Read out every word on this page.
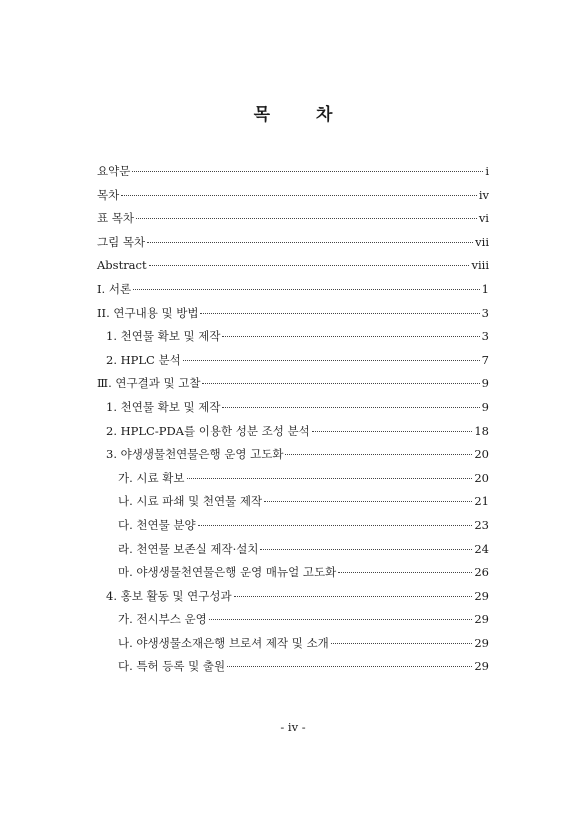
목 차
요약문	i
목차	iv
표 목차	vi
그림 목차	vii
Abstract	viii
I. 서론	1
II. 연구내용 및 방법	3
1. 천연물 확보 및 제작	3
2. HPLC 분석	7
Ⅲ. 연구결과 및 고찰	9
1. 천연물 확보 및 제작	9
2. HPLC-PDA를 이용한 성분 조성 분석	18
3. 야생생물천연물은행 운영 고도화	20
가. 시료 확보	20
나. 시료 파쇄 및 천연물 제작	21
다. 천연물 분양	23
라. 천연물 보존실 제작·설치	24
마. 야생생물천연물은행 운영 매뉴얼 고도화	26
4. 홍보 활동 및 연구성과	29
가. 전시부스 운영	29
나. 야생생물소재은행 브로셔 제작 및 소개	29
다. 특허 등록 및 출원	29
- iv -
